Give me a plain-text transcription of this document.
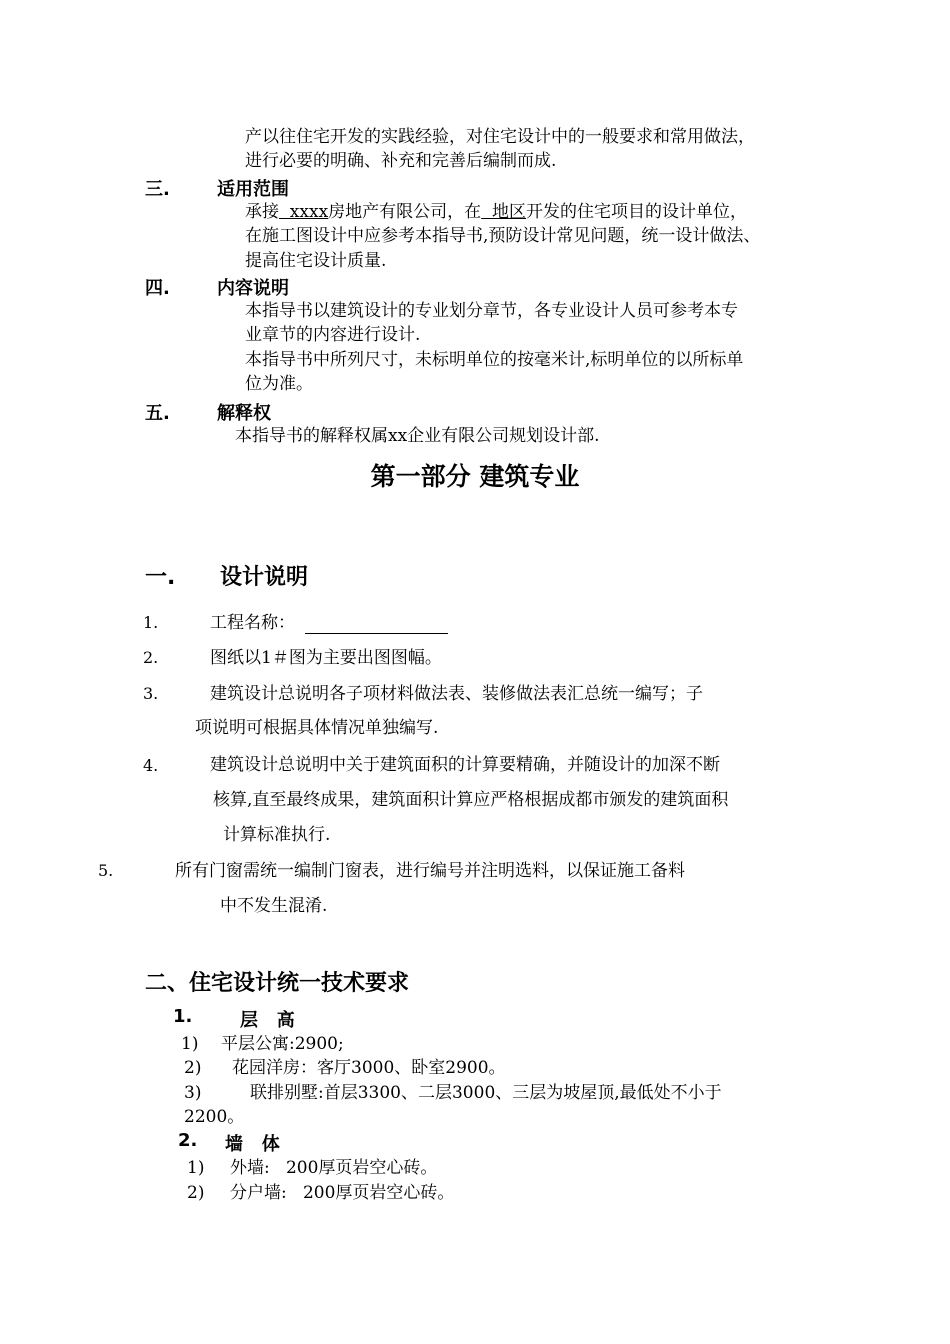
产以往住宅开发的实践经验，对住宅设计中的一般要求和常用做法，
进行必要的明确、补充和完善后编制而成.
三.	适用范围
承接  xxxx房地产有限公司，在  地区开发的住宅项目的设计单位，
在施工图设计中应参考本指导书,预防设计常见问题，统一设计做法、
提高住宅设计质量.
四.	内容说明
本指导书以建筑设计的专业划分章节，各专业设计人员可参考本专
业章节的内容进行设计.
本指导书中所列尺寸，未标明单位的按毫米计,标明单位的以所标单
位为准。
五.	解释权
本指导书的解释权属xx企业有限公司规划设计部.
第一部分 建筑专业
一. 设计说明
1.	工程名称：
2.	图纸以1＃图为主要出图图幅。
3.	建筑设计总说明各子项材料做法表、装修做法表汇总统一编写；子
项说明可根据具体情况单独编写.
4.	建筑设计总说明中关于建筑面积的计算要精确，并随设计的加深不断
核算,直至最终成果，建筑面积计算应严格根据成都市颁发的建筑面积
计算标准执行.
5.	所有门窗需统一编制门窗表，进行编号并注明选料，以保证施工备料
中不发生混淆.
二、住宅设计统一技术要求
1.	层   高
1) 平层公寓:2900;
2) 花园洋房：客厅3000、卧室2900。
3)	联排别墅:首层3300、二层3000、三层为坡屋顶,最低处不小于
2200。
2. 墙   体
1) 外墙:   200厚页岩空心砖。
2) 分户墙:   200厚页岩空心砖。
